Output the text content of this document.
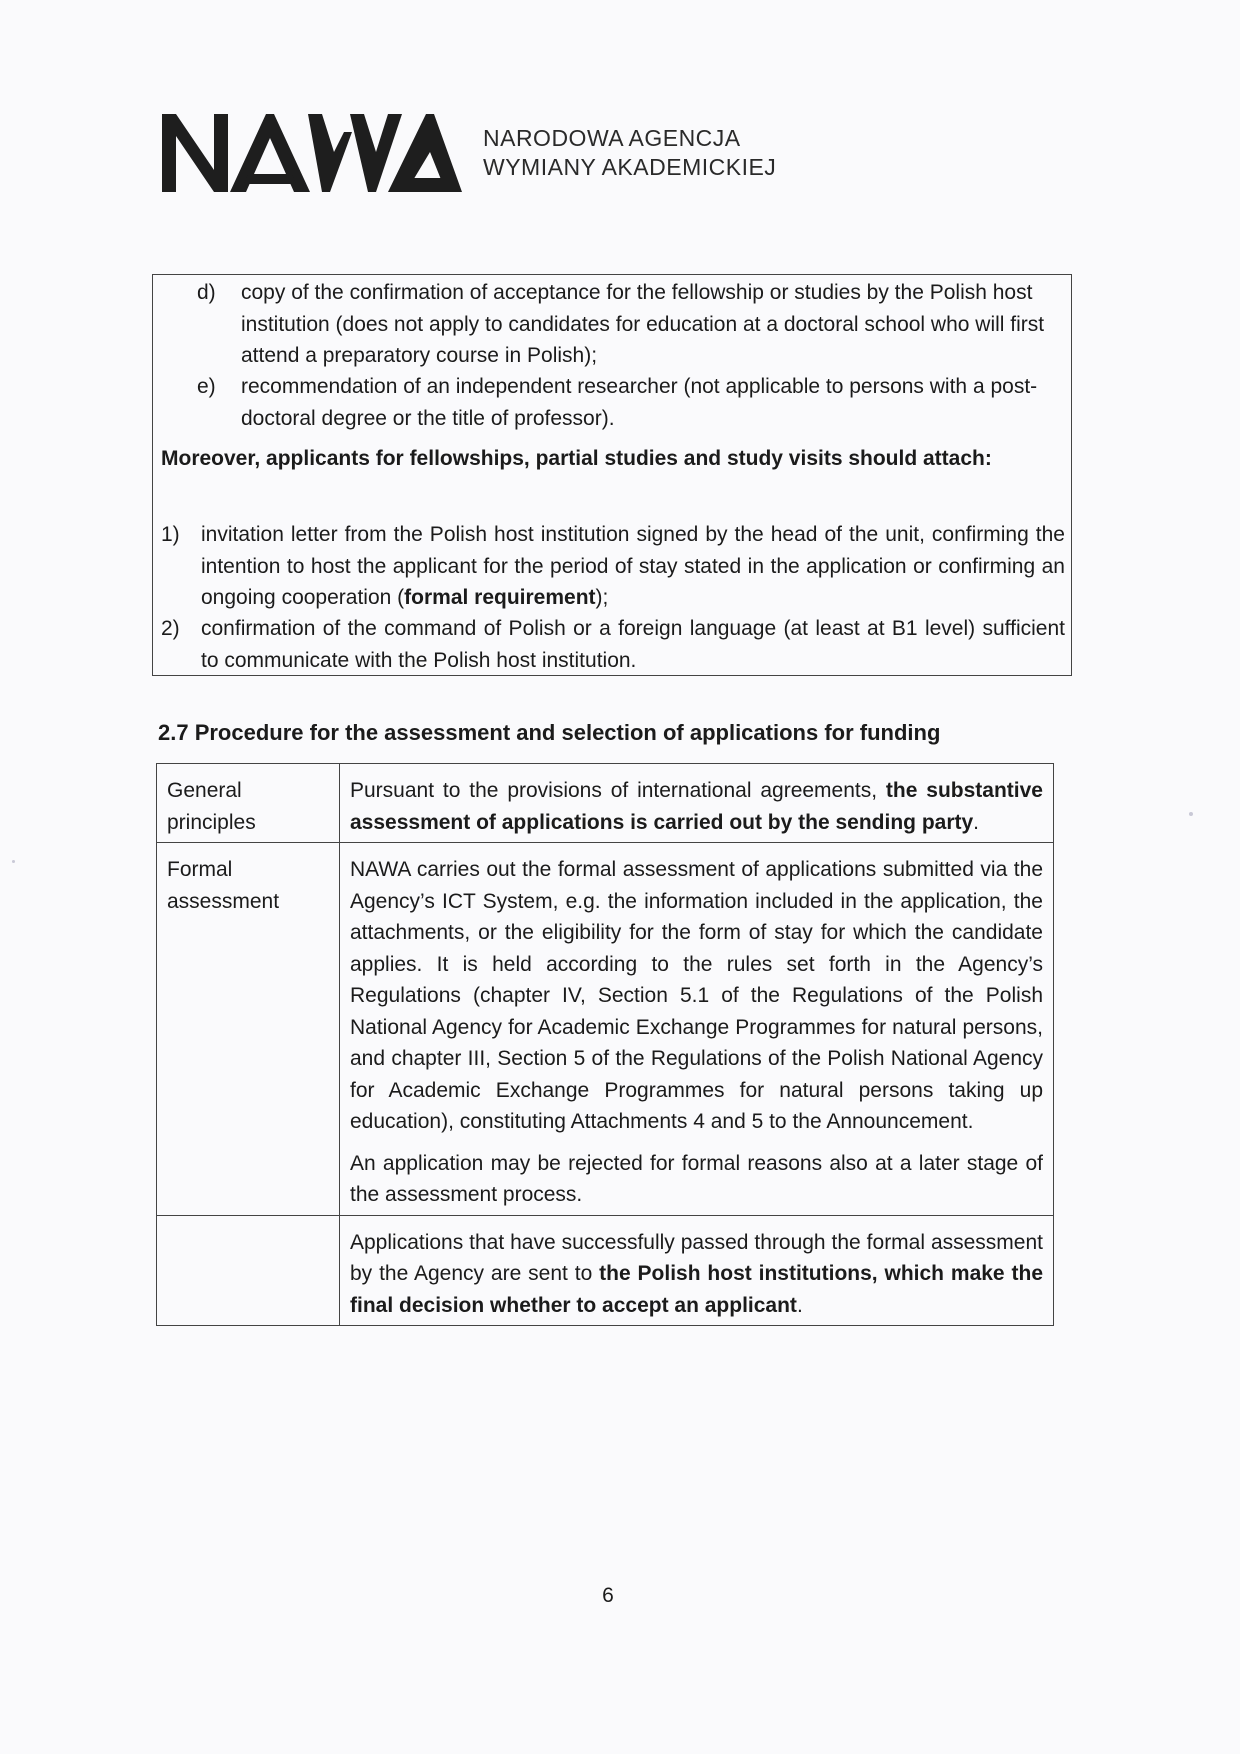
NARODOWA AGENCJA
WYMIANY AKADEMICKIEJ
d) copy of the confirmation of acceptance for the fellowship or studies by the Polish host institution (does not apply to candidates for education at a doctoral school who will first attend a preparatory course in Polish);
e) recommendation of an independent researcher (not applicable to persons with a post-doctoral degree or the title of professor).
Moreover, applicants for fellowships, partial studies and study visits should attach:
1) invitation letter from the Polish host institution signed by the head of the unit, confirming the intention to host the applicant for the period of stay stated in the application or confirming an ongoing cooperation (formal requirement);
2) confirmation of the command of Polish or a foreign language (at least at B1 level) sufficient to communicate with the Polish host institution.
2.7 Procedure for the assessment and selection of applications for funding
General principles	Pursuant to the provisions of international agreements, the substantive assessment of applications is carried out by the sending party.
Formal assessment	NAWA carries out the formal assessment of applications submitted via the Agency’s ICT System, e.g. the information included in the application, the attachments, or the eligibility for the form of stay for which the candidate applies. It is held according to the rules set forth in the Agency’s Regulations (chapter IV, Section 5.1 of the Regulations of the Polish National Agency for Academic Exchange Programmes for natural persons, and chapter III, Section 5 of the Regulations of the Polish National Agency for Academic Exchange Programmes for natural persons taking up education), constituting Attachments 4 and 5 to the Announcement.

An application may be rejected for formal reasons also at a later stage of the assessment process.

	Applications that have successfully passed through the formal assessment by the Agency are sent to the Polish host institutions, which make the final decision whether to accept an applicant.
6
